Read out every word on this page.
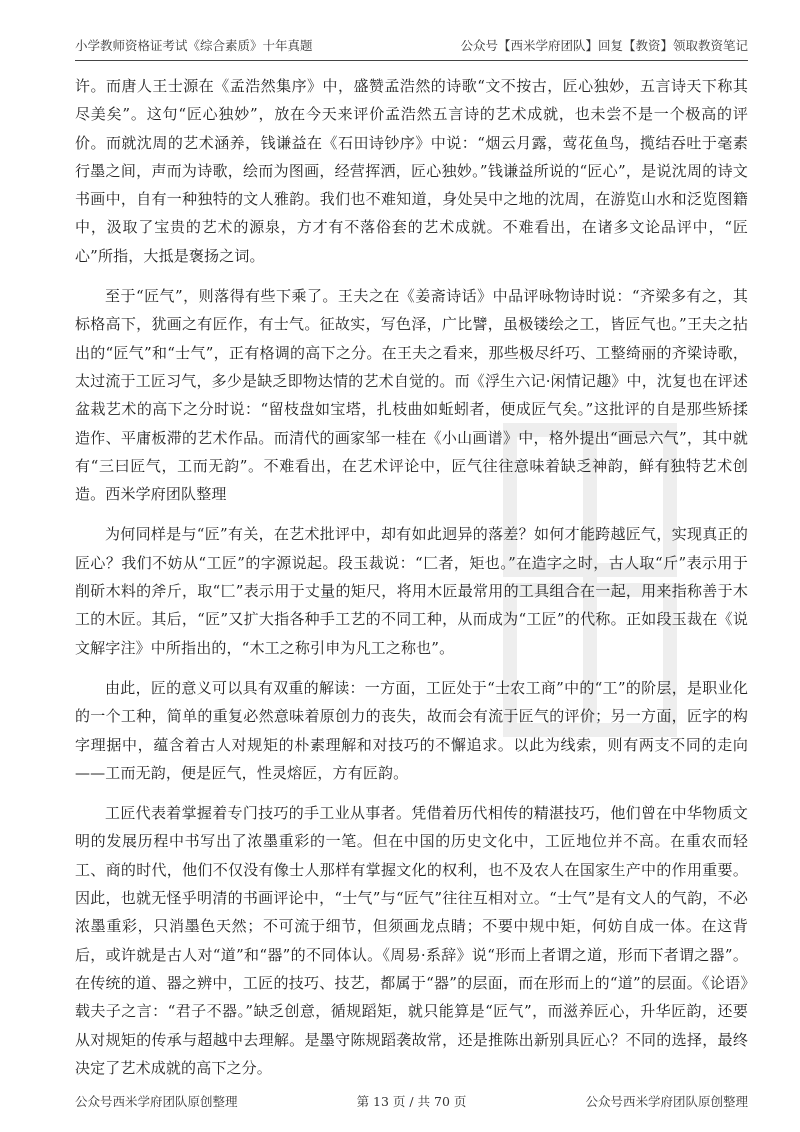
小学教师资格证考试《综合素质》十年真题	公众号【西米学府团队】回复【教资】领取教资笔记

许。而唐人王士源在《孟浩然集序》中，盛赞孟浩然的诗歌“文不按古，匠心独妙，五言诗天下称其尽美矣”。这句“匠心独妙”，放在今天来评价孟浩然五言诗的艺术成就，也未尝不是一个极高的评价。而就沈周的艺术涵养，钱谦益在《石田诗钞序》中说：“烟云月露，莺花鱼鸟，揽结吞吐于毫素行墨之间，声而为诗歌，绘而为图画，经营挥洒，匠心独妙。”钱谦益所说的“匠心”，是说沈周的诗文书画中，自有一种独特的文人雅韵。我们也不难知道，身处吴中之地的沈周，在游览山水和泛览图籍中，汲取了宝贵的艺术的源泉，方才有不落俗套的艺术成就。不难看出，在诸多文论品评中，“匠心”所指，大抵是褒扬之词。

至于“匠气”，则落得有些下乘了。王夫之在《姜斋诗话》中品评咏物诗时说：“齐梁多有之，其标格高下，犹画之有匠作，有士气。征故实，写色泽，广比譬，虽极镂绘之工，皆匠气也。”王夫之拈出的“匠气”和“士气”，正有格调的高下之分。在王夫之看来，那些极尽纤巧、工整绮丽的齐梁诗歌，太过流于工匠习气，多少是缺乏即物达情的艺术自觉的。而《浮生六记·闲情记趣》中，沈复也在评述盆栽艺术的高下之分时说：“留枝盘如宝塔，扎枝曲如蚯蚓者，便成匠气矣。”这批评的自是那些矫揉造作、平庸板滞的艺术作品。而清代的画家邹一桂在《小山画谱》中，格外提出“画忌六气”，其中就有“三曰匠气，工而无韵”。不难看出，在艺术评论中，匠气往往意味着缺乏神韵，鲜有独特艺术创造。西米学府团队整理

为何同样是与“匠”有关，在艺术批评中，却有如此迥异的落差？如何才能跨越匠气，实现真正的匠心？我们不妨从“工匠”的字源说起。段玉裁说：“匚者，矩也。”在造字之时，古人取“斤”表示用于削斫木料的斧斤，取“匚”表示用于丈量的矩尺，将用木匠最常用的工具组合在一起，用来指称善于木工的木匠。其后，“匠”又扩大指各种手工艺的不同工种，从而成为“工匠”的代称。正如段玉裁在《说文解字注》中所指出的，“木工之称引申为凡工之称也”。

由此，匠的意义可以具有双重的解读：一方面，工匠处于“士农工商”中的“工”的阶层，是职业化的一个工种，简单的重复必然意味着原创力的丧失，故而会有流于匠气的评价；另一方面，匠字的构字理据中，蕴含着古人对规矩的朴素理解和对技巧的不懈追求。以此为线索，则有两支不同的走向——工而无韵，便是匠气，性灵熔匠，方有匠韵。

工匠代表着掌握着专门技巧的手工业从事者。凭借着历代相传的精湛技巧，他们曾在中华物质文明的发展历程中书写出了浓墨重彩的一笔。但在中国的历史文化中，工匠地位并不高。在重农而轻工、商的时代，他们不仅没有像士人那样有掌握文化的权利，也不及农人在国家生产中的作用重要。因此，也就无怪乎明清的书画评论中，“士气”与“匠气”往往互相对立。“士气”是有文人的气韵，不必浓墨重彩，只消墨色天然；不可流于细节，但须画龙点睛；不要中规中矩，何妨自成一体。在这背后，或许就是古人对“道”和“器”的不同体认。《周易·系辞》说“形而上者谓之道，形而下者谓之器”。在传统的道、器之辨中，工匠的技巧、技艺，都属于“器”的层面，而在形而上的“道”的层面。《论语》载夫子之言：“君子不器。”缺乏创意，循规蹈矩，就只能算是“匠气”，而滋养匠心，升华匠韵，还要从对规矩的传承与超越中去理解。是墨守陈规蹈袭故常，还是推陈出新别具匠心？不同的选择，最终决定了艺术成就的高下之分。

公众号西米学府团队原创整理	第 13 页 / 共 70 页	公众号西米学府团队原创整理
